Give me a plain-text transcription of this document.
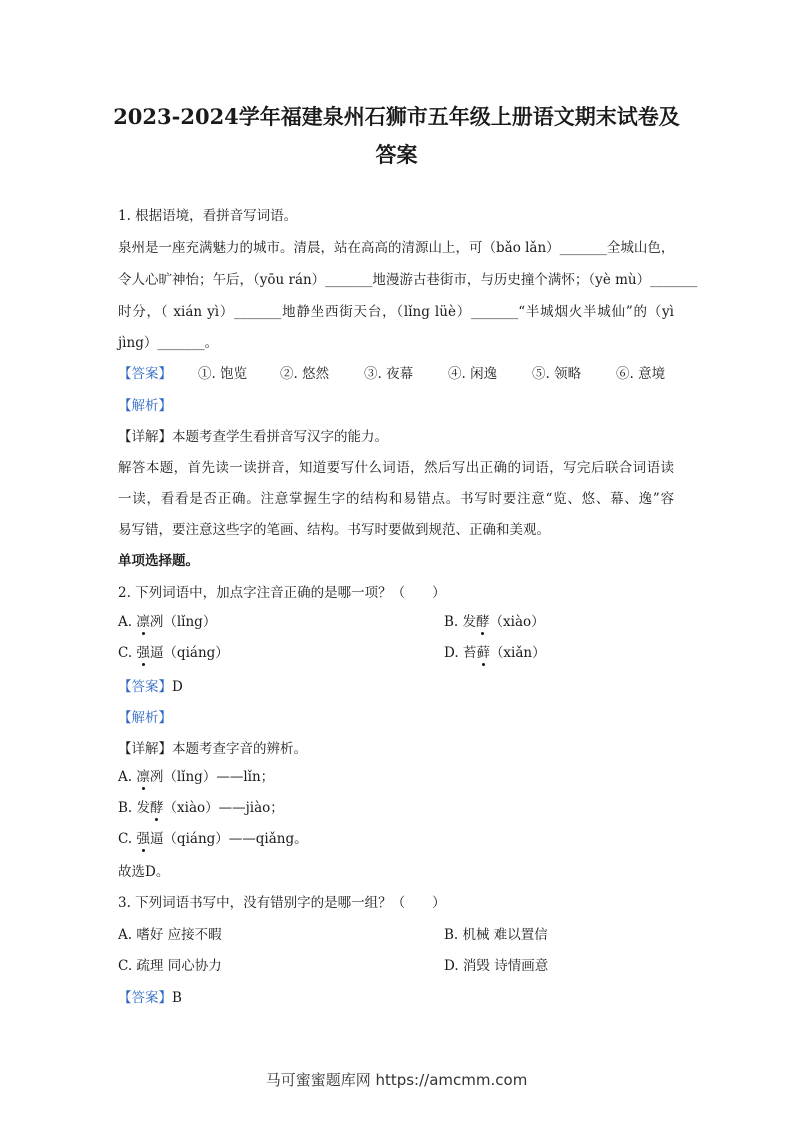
2023-2024学年福建泉州石狮市五年级上册语文期末试卷及
答案
1. 根据语境，看拼音写词语。
泉州是一座充满魅力的城市。清晨，站在高高的清源山上，可（bǎo lǎn）_______全城山色，
令人心旷神怡；午后，（yōu rán）_______地漫游古巷街市，与历史撞个满怀；（yè mù）_______
时分，（ xián yì）_______地静坐西街天台，（lǐng lüè）_______“半城烟火半城仙”的（yì
jìng）_______。
【答案】 ①. 饱览 ②. 悠然	③. 夜幕	④. 闲逸	⑤. 领略	⑥. 意境
【解析】
【详解】本题考查学生看拼音写汉字的能力。
解答本题，首先读一读拼音，知道要写什么词语，然后写出正确的词语，写完后联合词语读
一读，看看是否正确。注意掌握生字的结构和易错点。书写时要注意“览、悠、幕、逸”容
易写错，要注意这些字的笔画、结构。书写时要做到规范、正确和美观。
单项选择题。
2. 下列词语中，加点字注音正确的是哪一项？（　　）
A. 凛冽（lǐng）	B. 发酵（xiào）
C. 强逼（qiáng）	D. 苔藓（xiǎn）
【答案】D
【解析】
【详解】本题考查字音的辨析。
A. 凛冽（lǐng）——lǐn；
B. 发酵（xiào）——jiào；
C. 强逼（qiáng）——qiǎng。
故选D。
3. 下列词语书写中，没有错别字的是哪一组？（　　）
A. 嗜好 应接不暇	B. 机械 难以置信
C. 疏理 同心协力	D. 消毁 诗情画意
【答案】B
马可蜜蜜题库网 https://amcmm.com
